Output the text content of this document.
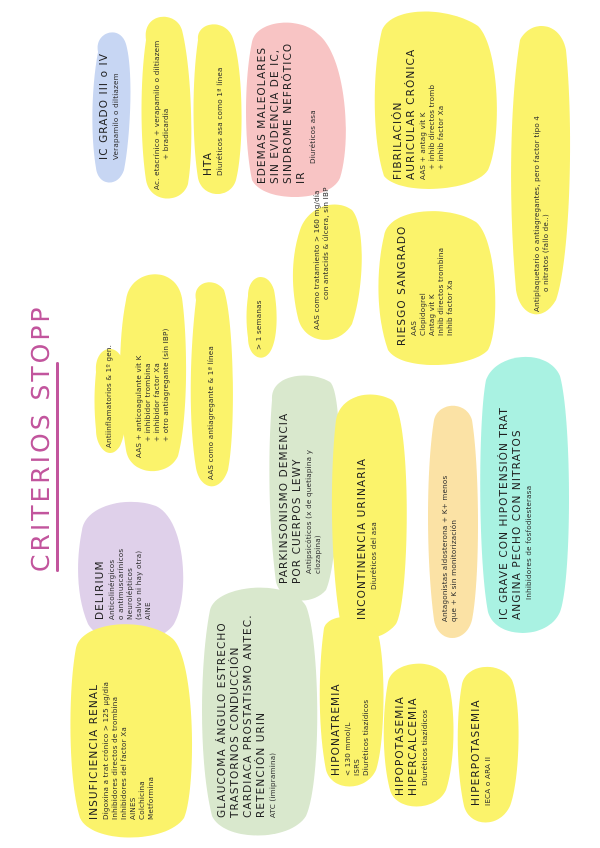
CRITERIOS STOPP
IC GRADO III o IV Verapamilo o diltiazem	Ac. etacrínico + verapamilo o diltiazem + bradicardia
HTA Diuréticos asa como 1ª línea	EDEMAS MALEOLARES SIN EVIDENCIA DE IC, SINDROME NEFRÓTICO IR
Diuréticos asa	FIBRILACIÓN AURICULAR CRÓNICA AAS + antag vit K + inhib directos tromb + inhib factor Xa	Antiplaquetario o antiagregantes, pero factor tipo 4 o nitratos (fallo de..)
Antiinflamatorios & 1º gen.	AAS + anticoagulante vit K + inhibidor trombina + inhibidor factor Xa + otro antiagregante (sin IBP)
AAS como tratamiento > 160 mg/día con antacids & úlcera, sin IBP	RIESGO SANGRADO AAS Clopidogrel Antag vit K Inhib directos trombina Inhib factor Xa
AAS como antiagregante & 1ª línea
> 1 semanas
PARKINSONISMO DEMENCIA POR CUERPOS LEWY Antipsicóticos (x de quetiapina y clozapina)	INCONTINENCIA URINARIA Diuréticos del asa	IC GRAVE CON HIPOTENSIÓN TRAT ANGINA PECHO CON NITRATOS Inhibidores de fosfodiesterasa
DELIRIUM Anticolinérgicos o antimuscarínicos Neurolépticos (salvo ni hay otra) AINE	Antagonistas aldosterona + K+ menos que + K sin monitorización
INSUFICIENCIA RENAL Digoxina a trat crónico > 125 µg/día Inhibidores directos de trombina Inhibidores del factor Xa AINES Colchicina Metformina	GLAUCOMA ÁNGULO ESTRECHO TRASTORNOS CONDUCCIÓN CARDIACA PROSTATISMO ANTEC. RETENCIÓN URIN ATC (imipramina)
HIPONATREMIA < 130 mmol/L ISRS Diuréticos tiazídicos HIPOPOTASEMIA HIPERCALCEMIA Diuréticos tiazídicos	HIPERPOTASEMIA IECA o ARA II
